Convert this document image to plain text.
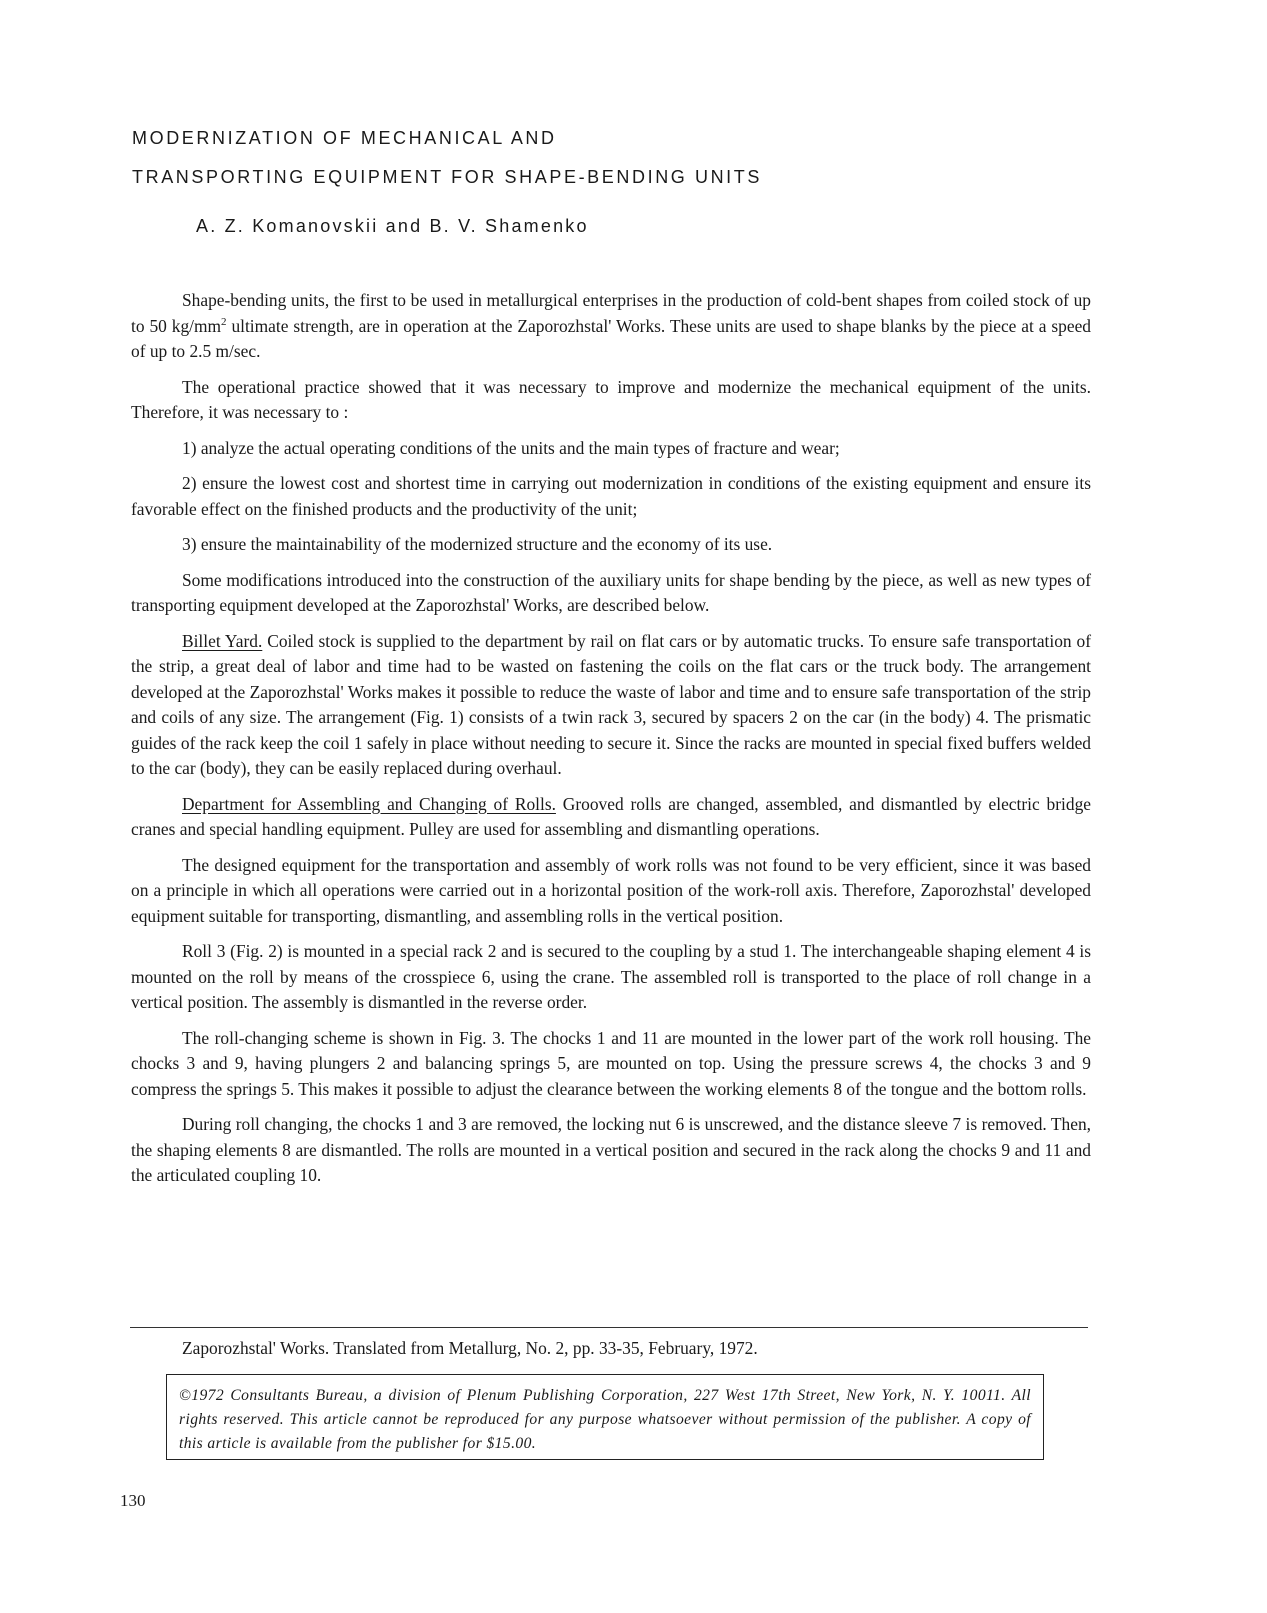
MODERNIZATION OF MECHANICAL AND
TRANSPORTING EQUIPMENT FOR SHAPE-BENDING UNITS

A. Z. Komanovskii and B. V. Shamenko

Shape-bending units, the first to be used in metallurgical enterprises in the production of cold-bent shapes from coiled stock of up to 50 $kg/mm^2$ ultimate strength, are in operation at the Zaporozhstal' Works. These units are used to shape blanks by the piece at a speed of up to 2.5 m/sec.

The operational practice showed that it was necessary to improve and modernize the mechanical equipment of the units. Therefore, it was necessary to :

1) analyze the actual operating conditions of the units and the main types of fracture and wear;

2) ensure the lowest cost and shortest time in carrying out modernization in conditions of the existing equipment and ensure its favorable effect on the finished products and the productivity of the unit;

3) ensure the maintainability of the modernized structure and the economy of its use.

Some modifications introduced into the construction of the auxiliary units for shape bending by the piece, as well as new types of transporting equipment developed at the Zaporozhstal' Works, are described below.

Billet Yard. Coiled stock is supplied to the department by rail on flat cars or by automatic trucks. To ensure safe transportation of the strip, a great deal of labor and time had to be wasted on fastening the coils on the flat cars or the truck body. The arrangement developed at the Zaporozhstal' Works makes it possible to reduce the waste of labor and time and to ensure safe transportation of the strip and coils of any size. The arrangement (Fig. 1) consists of a twin rack 3, secured by spacers 2 on the car (in the body) 4. The prismatic guides of the rack keep the coil 1 safely in place without needing to secure it. Since the racks are mounted in special fixed buffers welded to the car (body), they can be easily replaced during overhaul.

Department for Assembling and Changing of Rolls. Grooved rolls are changed, assembled, and dismantled by electric bridge cranes and special handling equipment. Pulley are used for assembling and dismantling operations.

The designed equipment for the transportation and assembly of work rolls was not found to be very efficient, since it was based on a principle in which all operations were carried out in a horizontal position of the work-roll axis. Therefore, Zaporozhstal' developed equipment suitable for transporting, dismantling, and assembling rolls in the vertical position.

Roll 3 (Fig. 2) is mounted in a special rack 2 and is secured to the coupling by a stud 1. The interchangeable shaping element 4 is mounted on the roll by means of the crosspiece 6, using the crane. The assembled roll is transported to the place of roll change in a vertical position. The assembly is dismantled in the reverse order.

The roll-changing scheme is shown in Fig. 3. The chocks 1 and 11 are mounted in the lower part of the work roll housing. The chocks 3 and 9, having plungers 2 and balancing springs 5, are mounted on top. Using the pressure screws 4, the chocks 3 and 9 compress the springs 5. This makes it possible to adjust the clearance between the working elements 8 of the tongue and the bottom rolls.

During roll changing, the chocks 1 and 3 are removed, the locking nut 6 is unscrewed, and the distance sleeve 7 is removed. Then, the shaping elements 8 are dismantled. The rolls are mounted in a vertical position and secured in the rack along the chocks 9 and 11 and the articulated coupling 10.

Zaporozhstal' Works. Translated from Metallurg, No. 2, pp. 33-35, February, 1972.

©1972 Consultants Bureau, a division of Plenum Publishing Corporation, 227 West 17th Street, New York, N. Y. 10011. All rights reserved. This article cannot be reproduced for any purpose whatsoever without permission of the publisher. A copy of this article is available from the publisher for $15.00.

130
